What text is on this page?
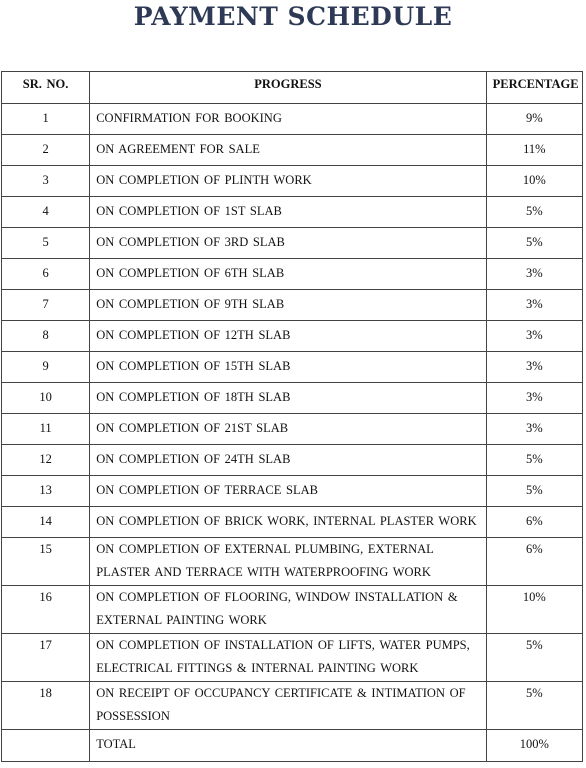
PAYMENT SCHEDULE
SR. NO.	PROGRESS	PERCENTAGE
1	CONFIRMATION FOR BOOKING	9%
2	ON AGREEMENT FOR SALE	11%
3	ON COMPLETION OF PLINTH WORK	10%
4	ON COMPLETION OF 1ST SLAB	5%
5	ON COMPLETION OF 3RD SLAB	5%
6	ON COMPLETION OF 6TH SLAB	3%
7	ON COMPLETION OF 9TH SLAB	3%
8	ON COMPLETION OF 12TH SLAB	3%
9	ON COMPLETION OF 15TH SLAB	3%
10	ON COMPLETION OF 18TH SLAB	3%
11	ON COMPLETION OF 21ST SLAB	3%
12	ON COMPLETION OF 24TH SLAB	5%
13	ON COMPLETION OF TERRACE SLAB	5%
14	ON COMPLETION OF BRICK WORK, INTERNAL PLASTER WORK	6%
15	ON COMPLETION OF EXTERNAL PLUMBING, EXTERNAL PLASTER AND TERRACE WITH WATERPROOFING WORK	6%
16	ON COMPLETION OF FLOORING, WINDOW INSTALLATION & EXTERNAL PAINTING WORK	10%
17	ON COMPLETION OF INSTALLATION OF LIFTS, WATER PUMPS, ELECTRICAL FITTINGS & INTERNAL PAINTING WORK	5%
18	ON RECEIPT OF OCCUPANCY CERTIFICATE & INTIMATION OF POSSESSION	5%
	TOTAL	100%
